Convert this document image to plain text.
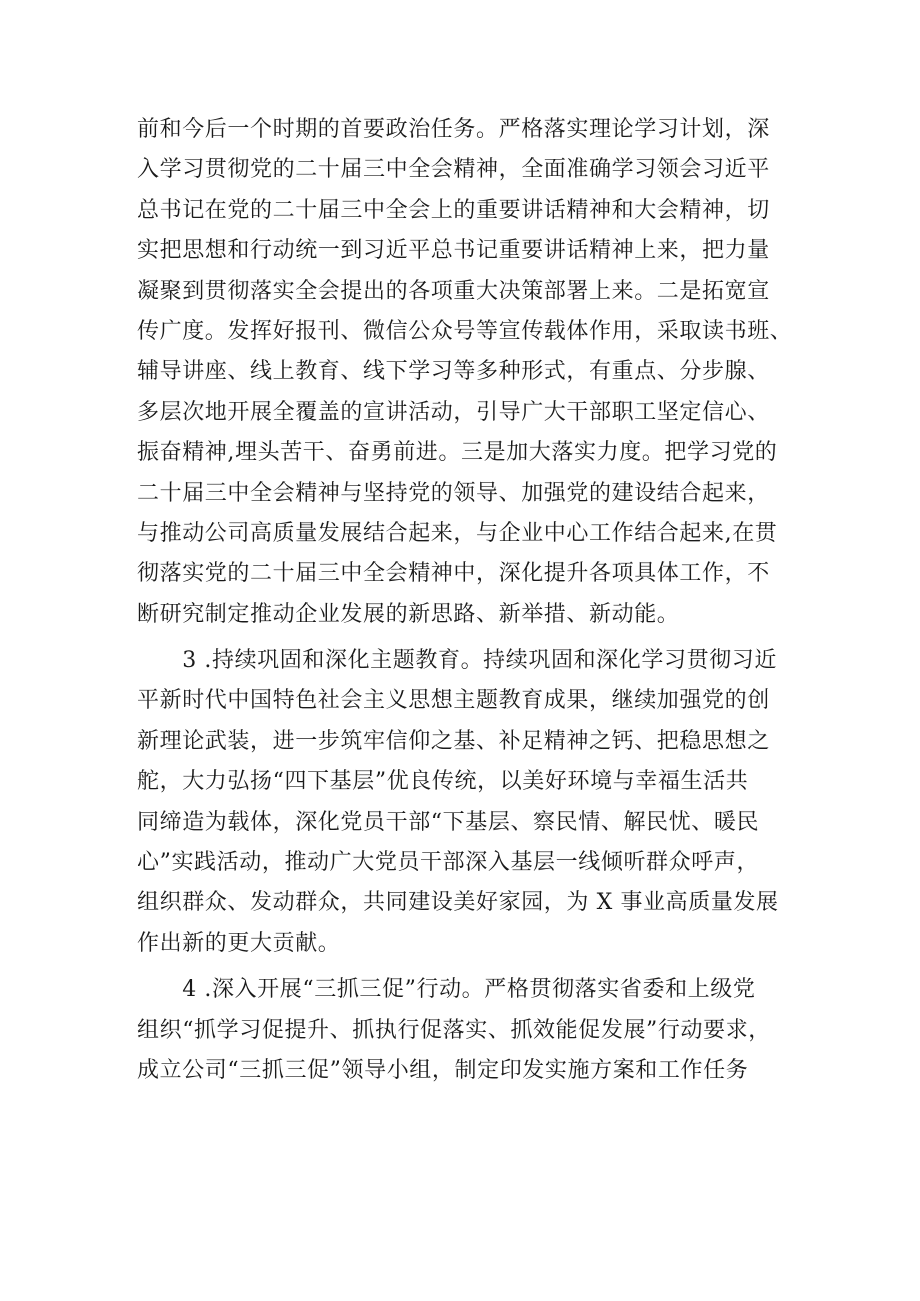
前和今后一个时期的首要政治任务。严格落实理论学习计划，深
入学习贯彻党的二十届三中全会精神，全面准确学习领会习近平
总书记在党的二十届三中全会上的重要讲话精神和大会精神，切
实把思想和行动统一到习近平总书记重要讲话精神上来，把力量
凝聚到贯彻落实全会提出的各项重大决策部署上来。二是拓宽宣
传广度。发挥好报刊、微信公众号等宣传载体作用，采取读书班、
辅导讲座、线上教育、线下学习等多种形式，有重点、分步腺、
多层次地开展全覆盖的宣讲活动，引导广大干部职工坚定信心、
振奋精神,埋头苦干、奋勇前进。三是加大落实力度。把学习党的
二十届三中全会精神与坚持党的领导、加强党的建设结合起来，
与推动公司高质量发展结合起来，与企业中心工作结合起来,在贯
彻落实党的二十届三中全会精神中，深化提升各项具体工作，不
断研究制定推动企业发展的新思路、新举措、新动能。
　　3 .持续巩固和深化主题教育。持续巩固和深化学习贯彻习近
平新时代中国特色社会主义思想主题教育成果，继续加强党的创
新理论武装，进一步筑牢信仰之基、补足精神之钙、把稳思想之
舵，大力弘扬“四下基层”优良传统，以美好环境与幸福生活共
同缔造为载体，深化党员干部“下基层、察民情、解民忧、暖民
心”实践活动，推动广大党员干部深入基层一线倾听群众呼声，
组织群众、发动群众，共同建设美好家园，为 X 事业高质量发展
作出新的更大贡献。
　　4 .深入开展“三抓三促”行动。严格贯彻落实省委和上级党
组织“抓学习促提升、抓执行促落实、抓效能促发展”行动要求，
成立公司“三抓三促”领导小组，制定印发实施方案和工作任务
